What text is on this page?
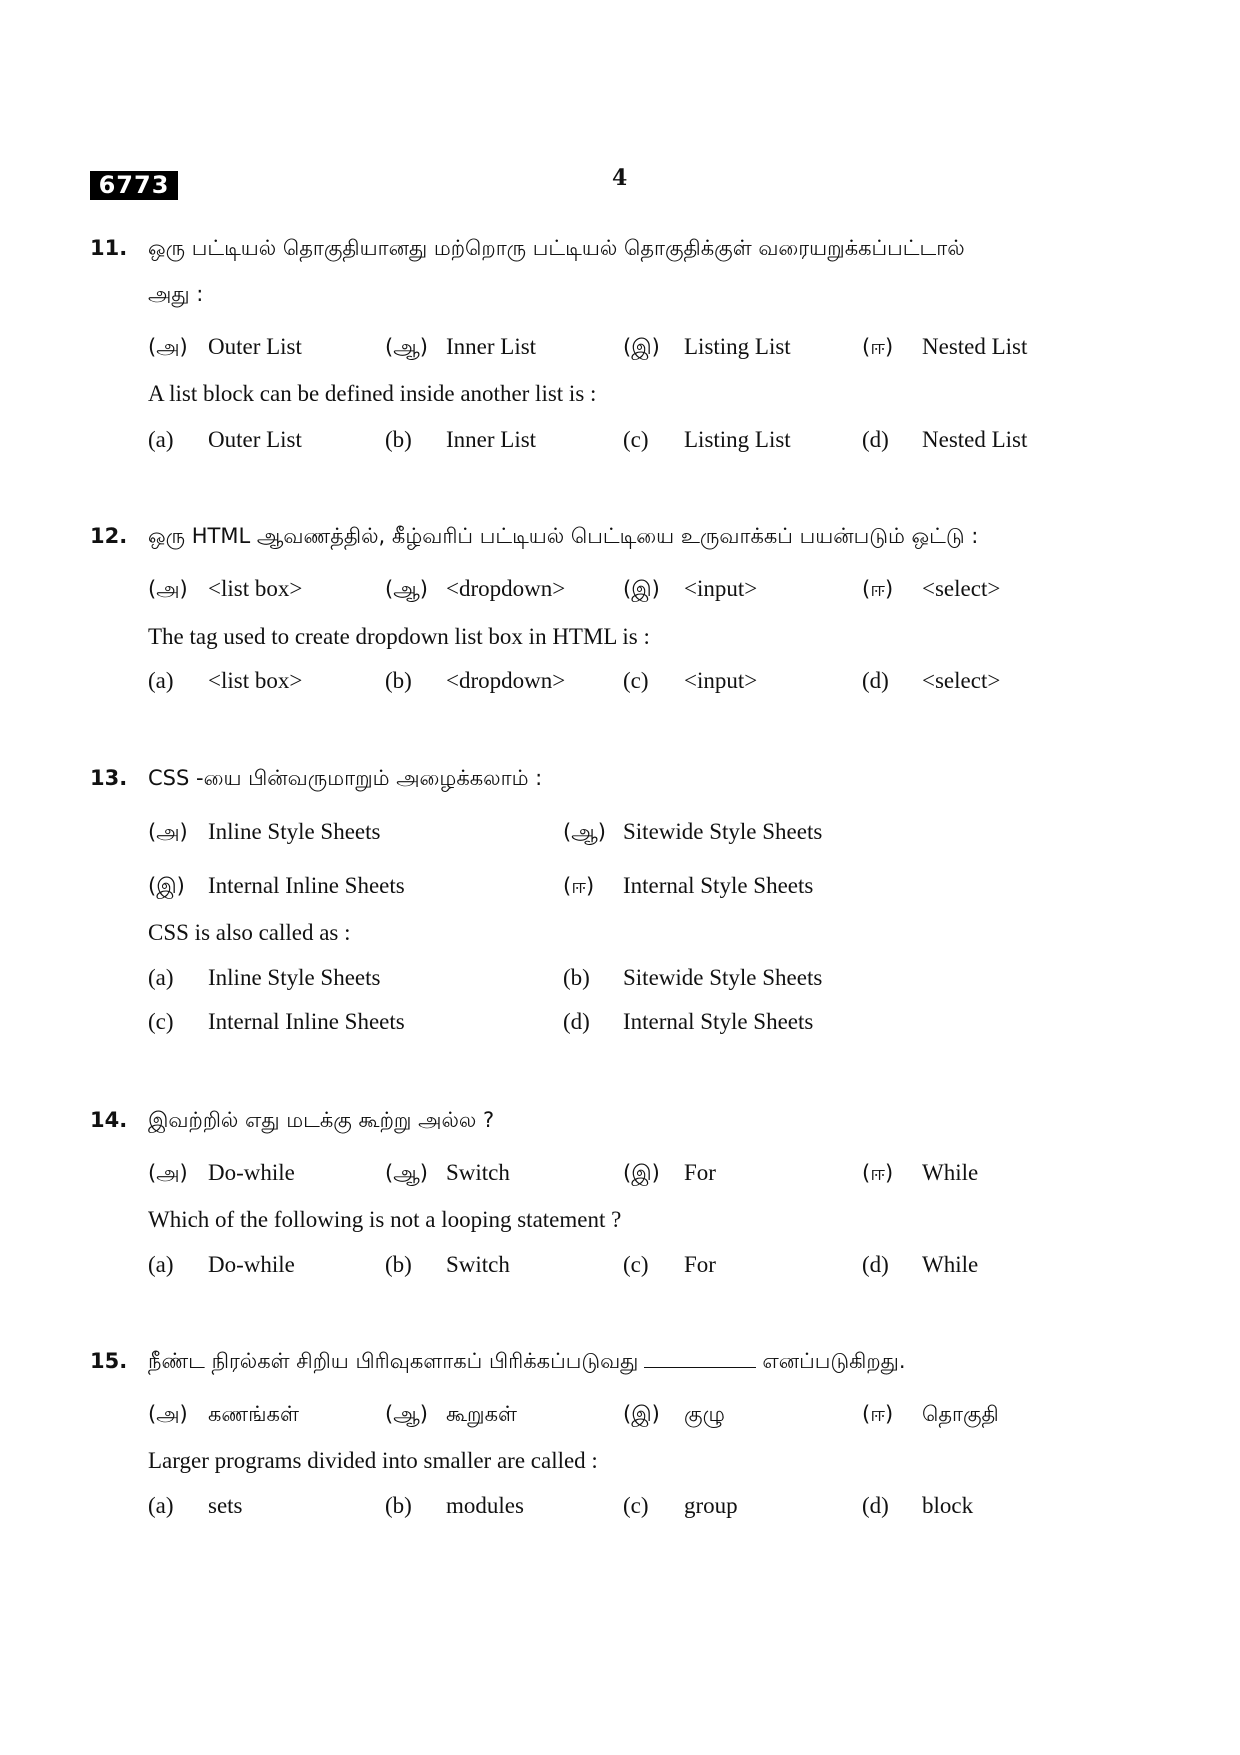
6773	4
11. ஒரு பட்டியல் தொகுதியானது மற்றொரு பட்டியல் தொகுதிக்குள் வரையறுக்கப்பட்டால்
அது :
(அ) Outer List	(ஆ) Inner List	(இ) Listing List	(ஈ) Nested List
A list block can be defined inside another list is :
(a) Outer List	(b) Inner List	(c) Listing List	(d) Nested List
12. ஒரு HTML ஆவணத்தில், கீழ்வரிப் பட்டியல் பெட்டியை உருவாக்கப் பயன்படும் ஒட்டு :
(அ) <list box>	(ஆ) <dropdown>	(இ) <input>	(ஈ) <select>
The tag used to create dropdown list box in HTML is :
(a) <list box>	(b) <dropdown>	(c) <input>	(d) <select>
13. CSS -யை பின்வருமாறும் அழைக்கலாம் :
(அ) Inline Style Sheets	(ஆ) Sitewide Style Sheets
(இ) Internal Inline Sheets	(ஈ) Internal Style Sheets
CSS is also called as :
(a) Inline Style Sheets	(b) Sitewide Style Sheets
(c) Internal Inline Sheets	(d) Internal Style Sheets
14. இவற்றில் எது மடக்கு கூற்று அல்ல ?
(அ) Do-while	(ஆ) Switch	(இ) For	(ஈ) While
Which of the following is not a looping statement ?
(a) Do-while	(b) Switch	(c) For	(d) While
15. நீண்ட நிரல்கள் சிறிய பிரிவுகளாகப் பிரிக்கப்படுவது	எனப்படுகிறது.
(அ) கணங்கள்	(ஆ) கூறுகள்	(இ) குழு	(ஈ) தொகுதி
Larger programs divided into smaller are called :
(a) sets	(b) modules	(c) group	(d) block
